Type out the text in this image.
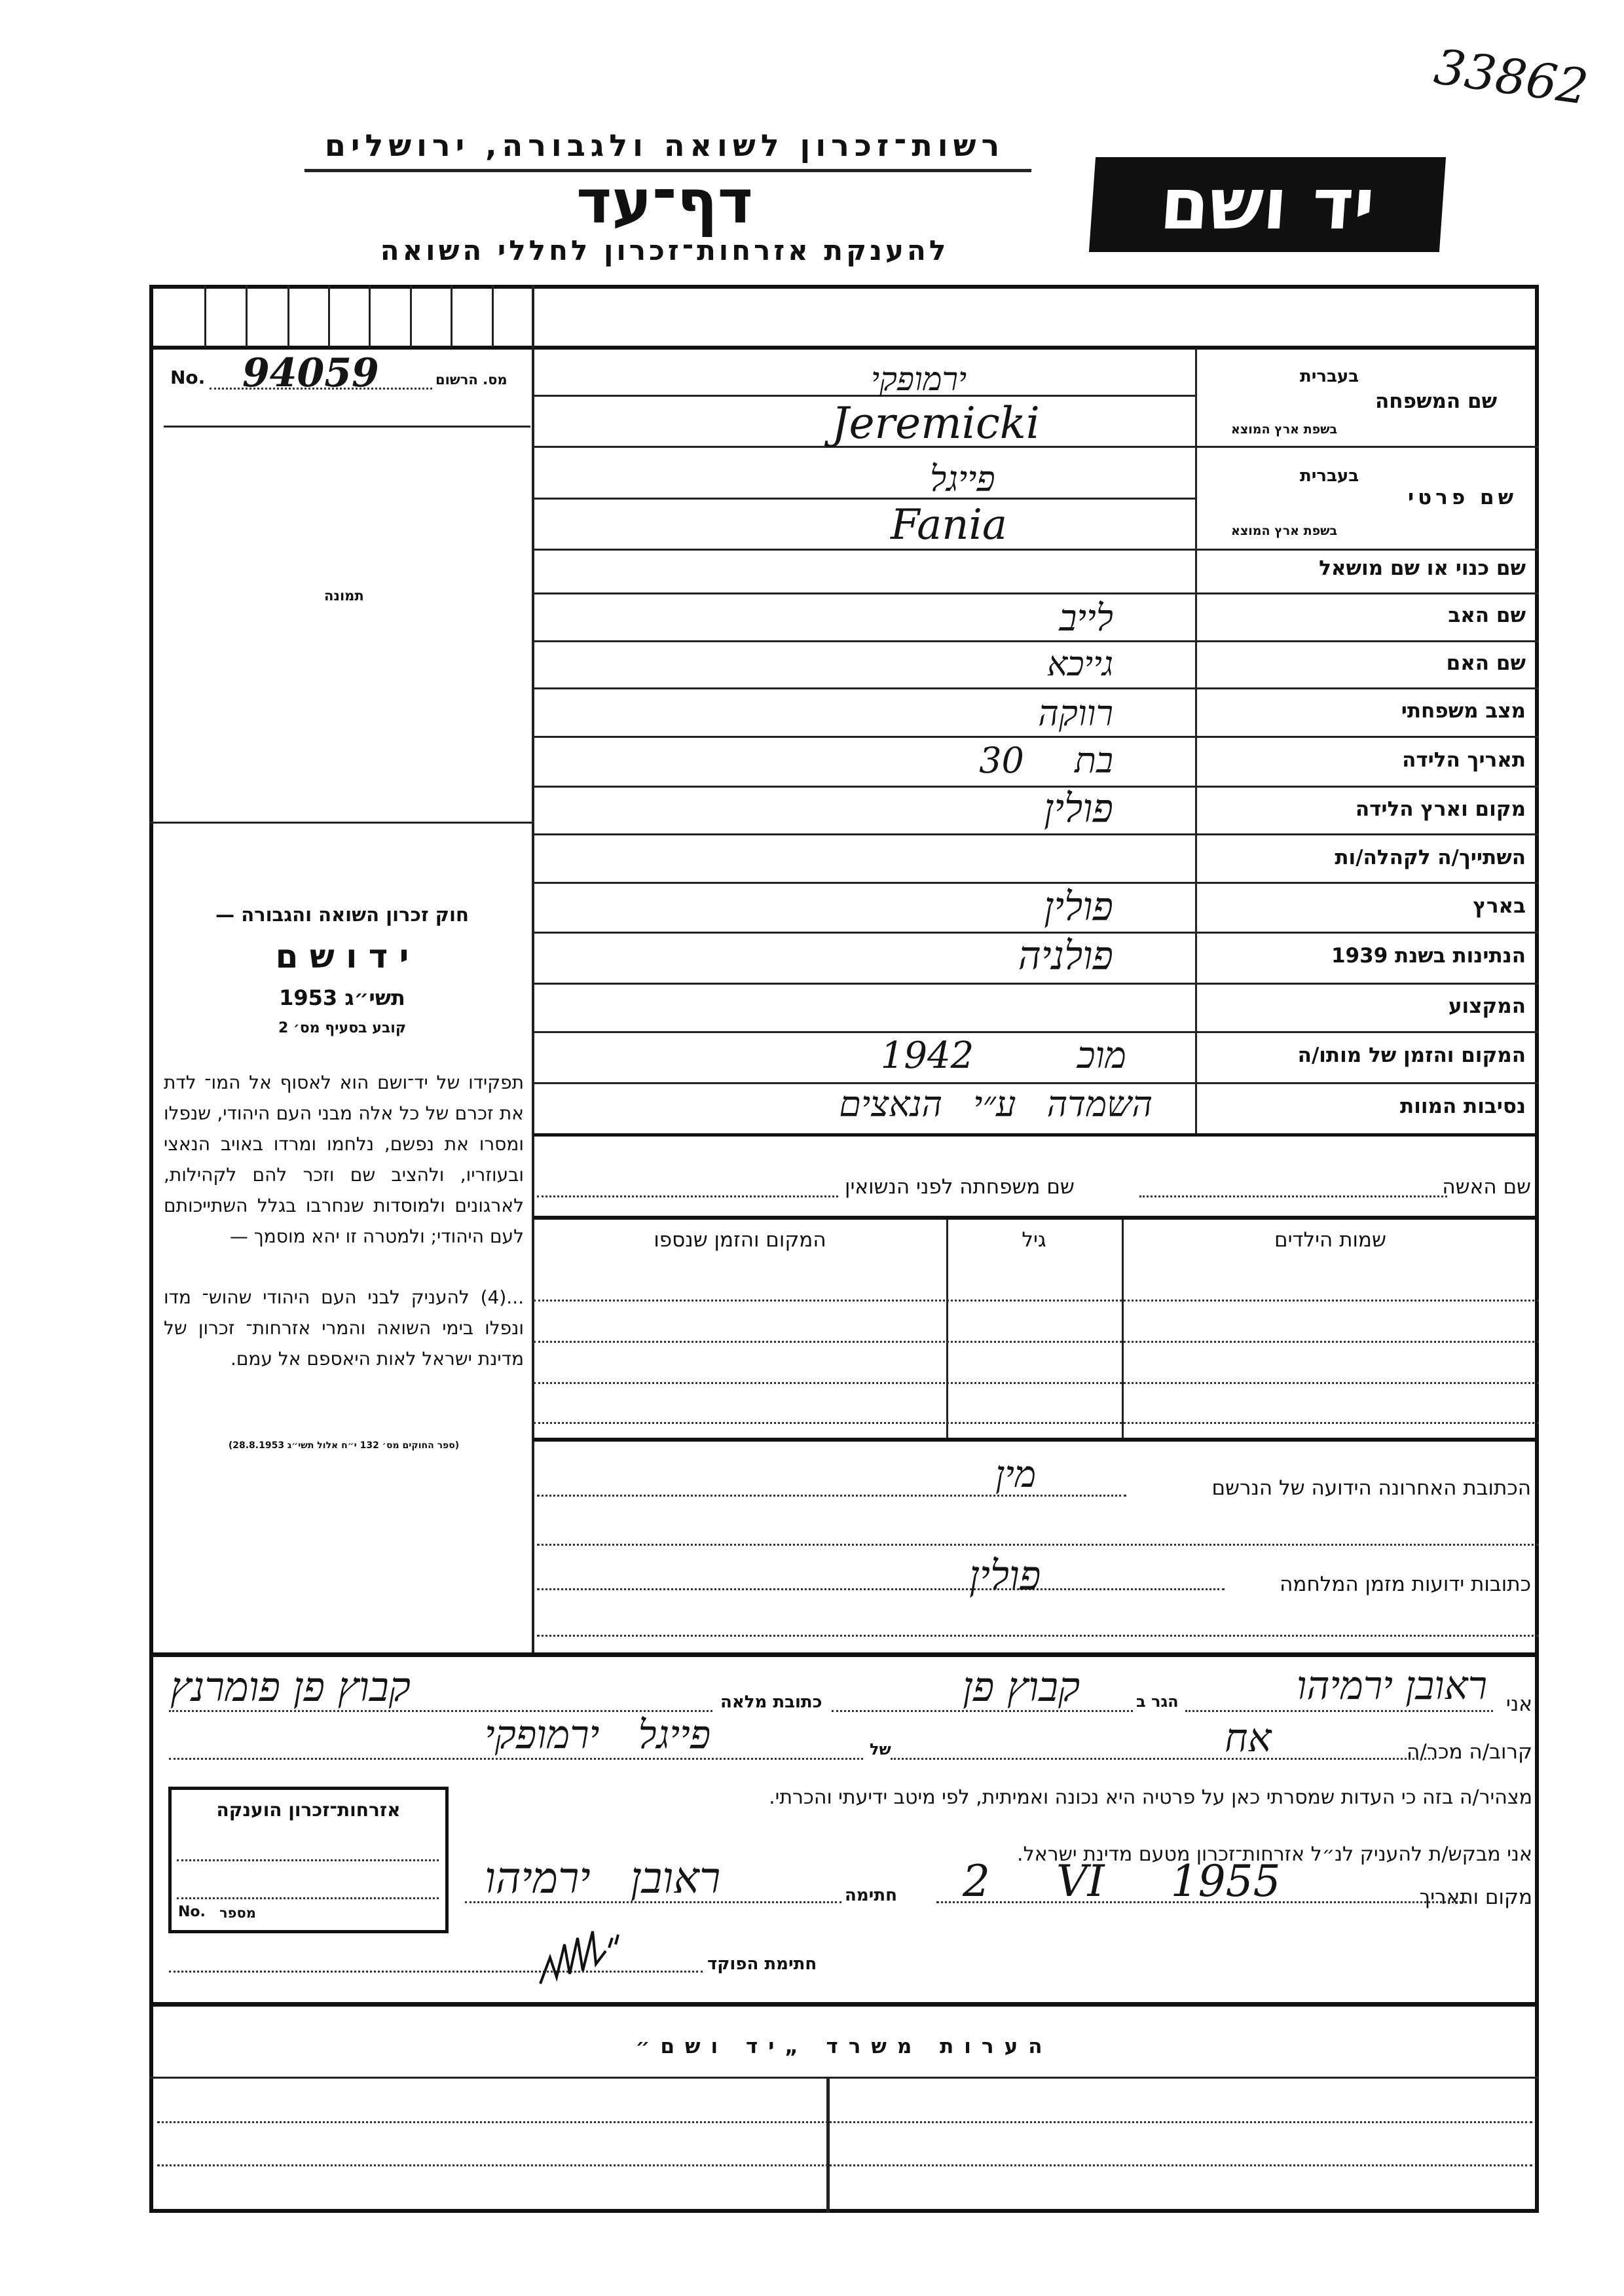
33862
רשות־זכרון לשואה ולגבורה, ירושלים
דף־עד
להענקת אזרחות־זכרון לחללי השואה
יד ושם
No. 94059	מס. הרשום
תמונה
בעברית
בשפת ארץ המוצא
שם המשפחה
ירמופקי
Jeremicki
בעברית
בשפת ארץ המוצא
שם פרטי
פייגל
Fania
שם כנוי או שם מושאל
שם האב
לייב
שם האם
גייכא
מצב משפחתי
רווקה
תאריך הלידה
בת 30
מקום וארץ הלידה
פולין
השתייך/ה לקהלה/ות
בארץ
פולין
הנתינות בשנת 1939
פולניה
המקצוע
המקום והזמן של מותו/ה
מוכ 1942
נסיבות המוות
השמדה ע״י הנאצים
חוק זכרון השואה והגבורה —
י ד ו ש ם
תשי״ג 1953
קובע בסעיף מס׳ 2
תפקידו של יד־ושם הוא לאסוף אל המו־ לדת את זכרם של כל אלה מבני העם היהודי, שנפלו ומסרו את נפשם, נלחמו ומרדו באויב הנאצי ובעוזריו, ולהציב שם וזכר להם לקהילות, לארגונים ולמוסדות שנחרבו בגלל השתייכותם לעם היהודי; ולמטרה זו יהא מוסמך —
...(4) להעניק לבני העם היהודי שהוש־ מדו ונפלו בימי השואה והמרי אזרחות־ זכרון של מדינת ישראל לאות היאספם אל עמם.
(ספר החוקים מס׳ 132 י״ח אלול תשי״ג 28.8.1953)
שם האשה
שם משפחתה לפני הנשואין
שמות הילדים
גיל
המקום והזמן שנספו
הכתובת האחרונה הידועה של הנרשם
מין
כתובות ידועות מזמן המלחמה
פולין
אני
ראובן ירמיהו
הגר ב
קבוץ פן
כתובת מלאה
קבוץ פן פומרנץ
קרוב/ה מכר/ה
אח
של
פייגל ירמופקי
מצהיר/ה בזה כי העדות שמסרתי כאן על פרטיה היא נכונה ואמיתית, לפי מיטב ידיעתי והכרתי.
אני מבקש/ת להעניק לנ״ל אזרחות־זכרון מטעם מדינת ישראל.
מקום ותאריך
2 VI 1955
חתימה
ראובן ירמיהו
חתימת הפוקד
אזרחות־זכרון הוענקה
No. מספר
הערות משרד „יד ושם״
